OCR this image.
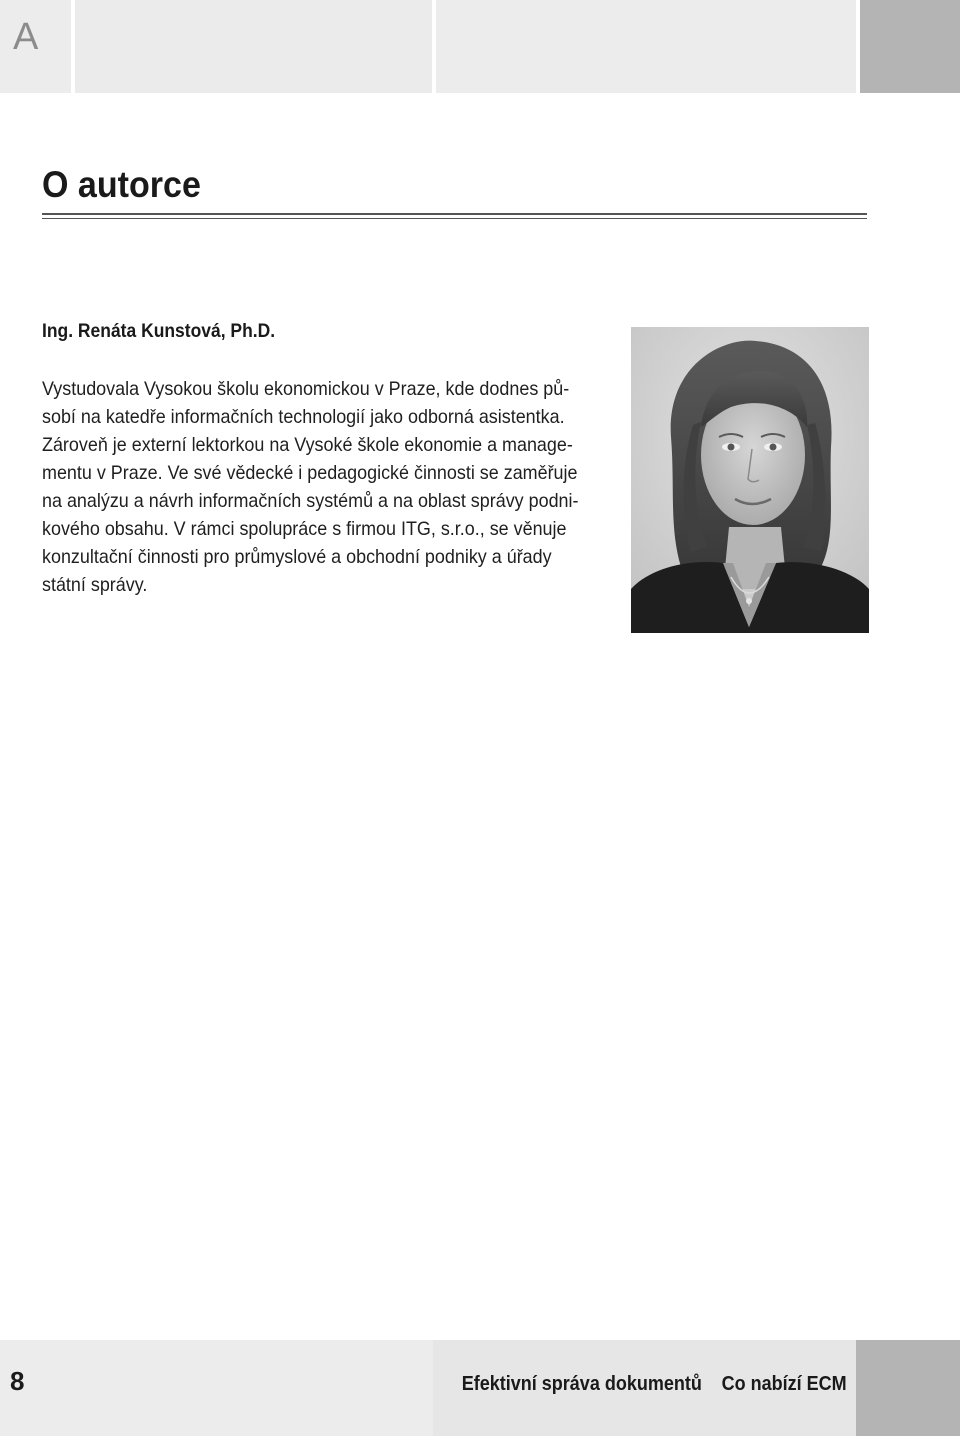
A
O autorce
Ing. Renáta Kunstová, Ph.D.
Vystudovala Vysokou školu ekonomickou v Praze, kde dodnes pů-
sobí na katedře informačních technologií jako odborná asistentka.
Zároveň je externí lektorkou na Vysoké škole ekonomie a manage-
mentu v Praze. Ve své vědecké i pedagogické činnosti se zaměřuje
na analýzu a návrh informačních systémů a na oblast správy podni-
kového obsahu. V rámci spolupráce s firmou ITG, s.r.o., se věnuje
konzultační činnosti pro průmyslové a obchodní podniky a úřady
státní správy.
8	Efektivní správa dokumentů Co nabízí ECM
